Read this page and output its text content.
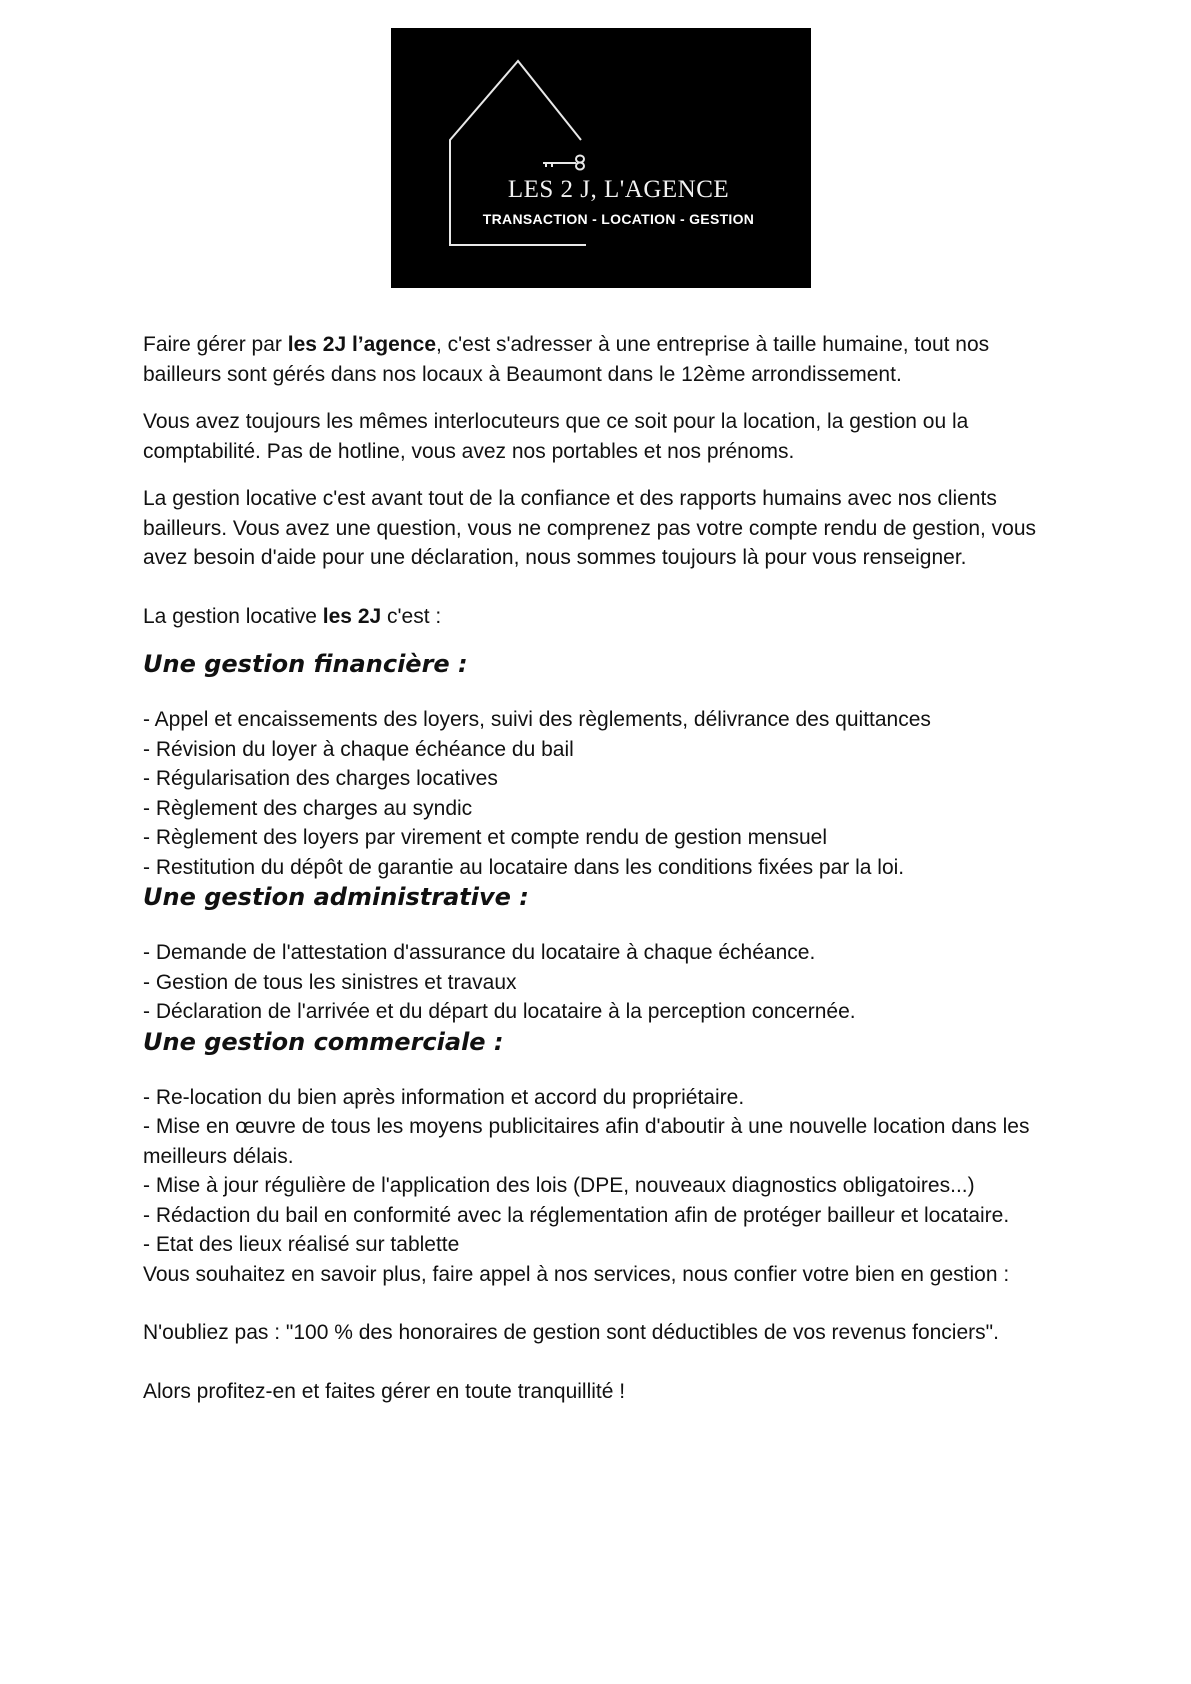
LES 2 J, L'AGENCE
TRANSACTION - LOCATION - GESTION

Faire gérer par les 2J l’agence, c'est s'adresser à une entreprise à taille humaine, tout nos bailleurs sont gérés dans nos locaux à Beaumont dans le 12ème arrondissement.

Vous avez toujours les mêmes interlocuteurs que ce soit pour la location, la gestion ou la comptabilité. Pas de hotline, vous avez nos portables et nos prénoms.

La gestion locative c'est avant tout de la confiance et des rapports humains avec nos clients bailleurs. Vous avez une question, vous ne comprenez pas votre compte rendu de gestion, vous avez besoin d'aide pour une déclaration, nous sommes toujours là pour vous renseigner.

La gestion locative les 2J c'est :

Une gestion financière :
- Appel et encaissements des loyers, suivi des règlements, délivrance des quittances
- Révision du loyer à chaque échéance du bail
- Régularisation des charges locatives
- Règlement des charges au syndic
- Règlement des loyers par virement et compte rendu de gestion mensuel
- Restitution du dépôt de garantie au locataire dans les conditions fixées par la loi.
Une gestion administrative :
- Demande de l'attestation d'assurance du locataire à chaque échéance.
- Gestion de tous les sinistres et travaux
- Déclaration de l'arrivée et du départ du locataire à la perception concernée.
Une gestion commerciale :
- Re-location du bien après information et accord du propriétaire.
- Mise en œuvre de tous les moyens publicitaires afin d'aboutir à une nouvelle location dans les meilleurs délais.
- Mise à jour régulière de l'application des lois (DPE, nouveaux diagnostics obligatoires...)
- Rédaction du bail en conformité avec la réglementation afin de protéger bailleur et locataire.
- Etat des lieux réalisé sur tablette

Vous souhaitez en savoir plus, faire appel à nos services, nous confier votre bien en gestion :

N'oubliez pas : "100 % des honoraires de gestion sont déductibles de vos revenus fonciers".

Alors profitez-en et faites gérer en toute tranquillité !
